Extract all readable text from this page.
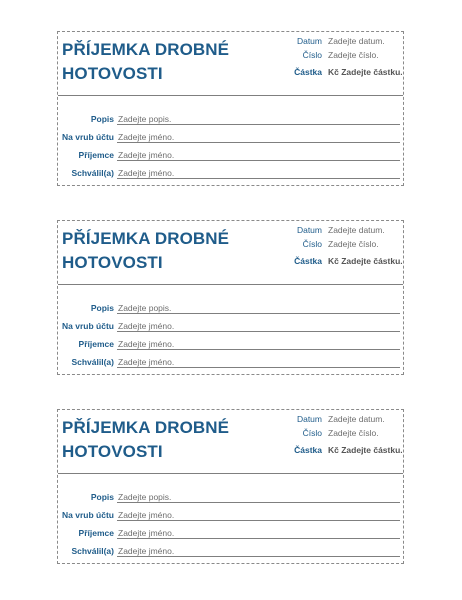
PŘÍJEMKA DROBNÉ HOTOVOSTI
Datum Zadejte datum.
Číslo Zadejte číslo.
Částka Kč Zadejte částku.
Popis Zadejte popis.
Na vrub účtu Zadejte jméno.
Příjemce Zadejte jméno.
Schválil(a) Zadejte jméno.
PŘÍJEMKA DROBNÉ HOTOVOSTI
Datum Zadejte datum.
Číslo Zadejte číslo.
Částka Kč Zadejte částku.
Popis Zadejte popis.
Na vrub účtu Zadejte jméno.
Příjemce Zadejte jméno.
Schválil(a) Zadejte jméno.
PŘÍJEMKA DROBNÉ HOTOVOSTI
Datum Zadejte datum.
Číslo Zadejte číslo.
Částka Kč Zadejte částku.
Popis Zadejte popis.
Na vrub účtu Zadejte jméno.
Příjemce Zadejte jméno.
Schválil(a) Zadejte jméno.
